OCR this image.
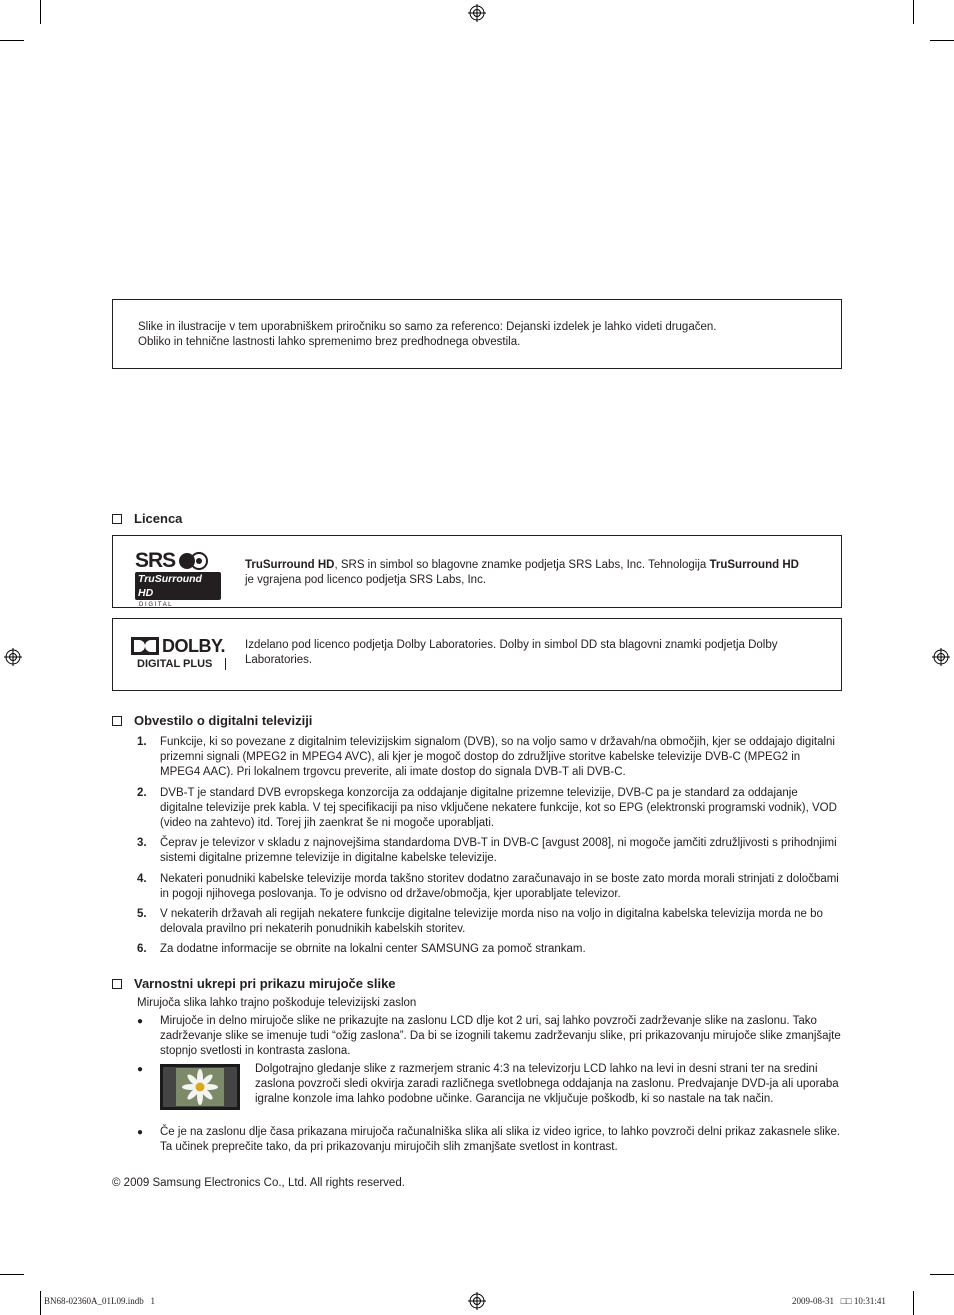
Slike in ilustracije v tem uporabniškem priročniku so samo za referenco: Dejanski izdelek je lahko videti drugačen.

Obliko in tehnične lastnosti lahko spremenimo brez predhodnega obvestila.

Licenca
SRS
TruSurround HD
D I G I T A L
TruSurround HD, SRS in simbol so blagovne znamke podjetja SRS Labs, Inc. Tehnologija TruSurround HD
je vgrajena pod licenco podjetja SRS Labs, Inc.
DOLBY.
DIGITAL PLUS
Izdelano pod licenco podjetja Dolby Laboratories. Dolby in simbol DD sta blagovni znamki podjetja Dolby Laboratories.
Obvestilo o digitalni televiziji
1. Funkcije, ki so povezane z digitalnim televizijskim signalom (DVB), so na voljo samo v državah/na območjih, kjer se oddajajo digitalni prizemni signali (MPEG2 in MPEG4 AVC), ali kjer je mogoč dostop do združljive storitve kabelske televizije DVB-C (MPEG2 in MPEG4 AAC). Pri lokalnem trgovcu preverite, ali imate dostop do signala DVB-T ali DVB-C.
2. DVB-T je standard DVB evropskega konzorcija za oddajanje digitalne prizemne televizije, DVB-C pa je standard za oddajanje digitalne televizije prek kabla. V tej specifikaciji pa niso vključene nekatere funkcije, kot so EPG (elektronski programski vodnik), VOD (video na zahtevo) itd. Torej jih zaenkrat še ni mogoče uporabljati.
3. Čeprav je televizor v skladu z najnovejšima standardoma DVB-T in DVB-C [avgust 2008], ni mogoče jamčiti združljivosti s prihodnjimi sistemi digitalne prizemne televizije in digitalne kabelske televizije.
4. Nekateri ponudniki kabelske televizije morda takšno storitev dodatno zaračunavajo in se boste zato morda morali strinjati z določbami in pogoji njihovega poslovanja. To je odvisno od države/območja, kjer uporabljate televizor.
5. V nekaterih državah ali regijah nekatere funkcije digitalne televizije morda niso na voljo in digitalna kabelska televizija morda ne bo delovala pravilno pri nekaterih ponudnikih kabelskih storitev.
6. Za dodatne informacije se obrnite na lokalni center SAMSUNG za pomoč strankam.
Varnostni ukrepi pri prikazu mirujoče slike
Mirujoča slika lahko trajno poškoduje televizijski zaslon
● Mirujoče in delno mirujoče slike ne prikazujte na zaslonu LCD dlje kot 2 uri, saj lahko povzroči zadrževanje slike na zaslonu. Tako zadrževanje slike se imenuje tudi “ožig zaslona”. Da bi se izognili takemu zadrževanju slike, pri prikazovanju mirujoče slike zmanjšajte stopnjo svetlosti in kontrasta zaslona.
●	Dolgotrajno gledanje slike z razmerjem stranic 4:3 na televizorju LCD lahko na levi in desni strani ter na sredini zaslona povzroči sledi okvirja zaradi različnega svetlobnega oddajanja na zaslonu. Predvajanje DVD-ja ali uporaba igralne konzole ima lahko podobne učinke. Garancija ne vključuje poškodb, ki so nastale na tak način.
● Če je na zaslonu dlje časa prikazana mirujoča računalniška slika ali slika iz video igrice, to lahko povzroči delni prikaz zakasnele slike. Ta učinek preprečite tako, da pri prikazovanju mirujočih slih zmanjšate svetlost in kontrast.
© 2009 Samsung Electronics Co., Ltd. All rights reserved.
BN68-02360A_01L09.indb   1	2009-08-31   □□ 10:31:41
